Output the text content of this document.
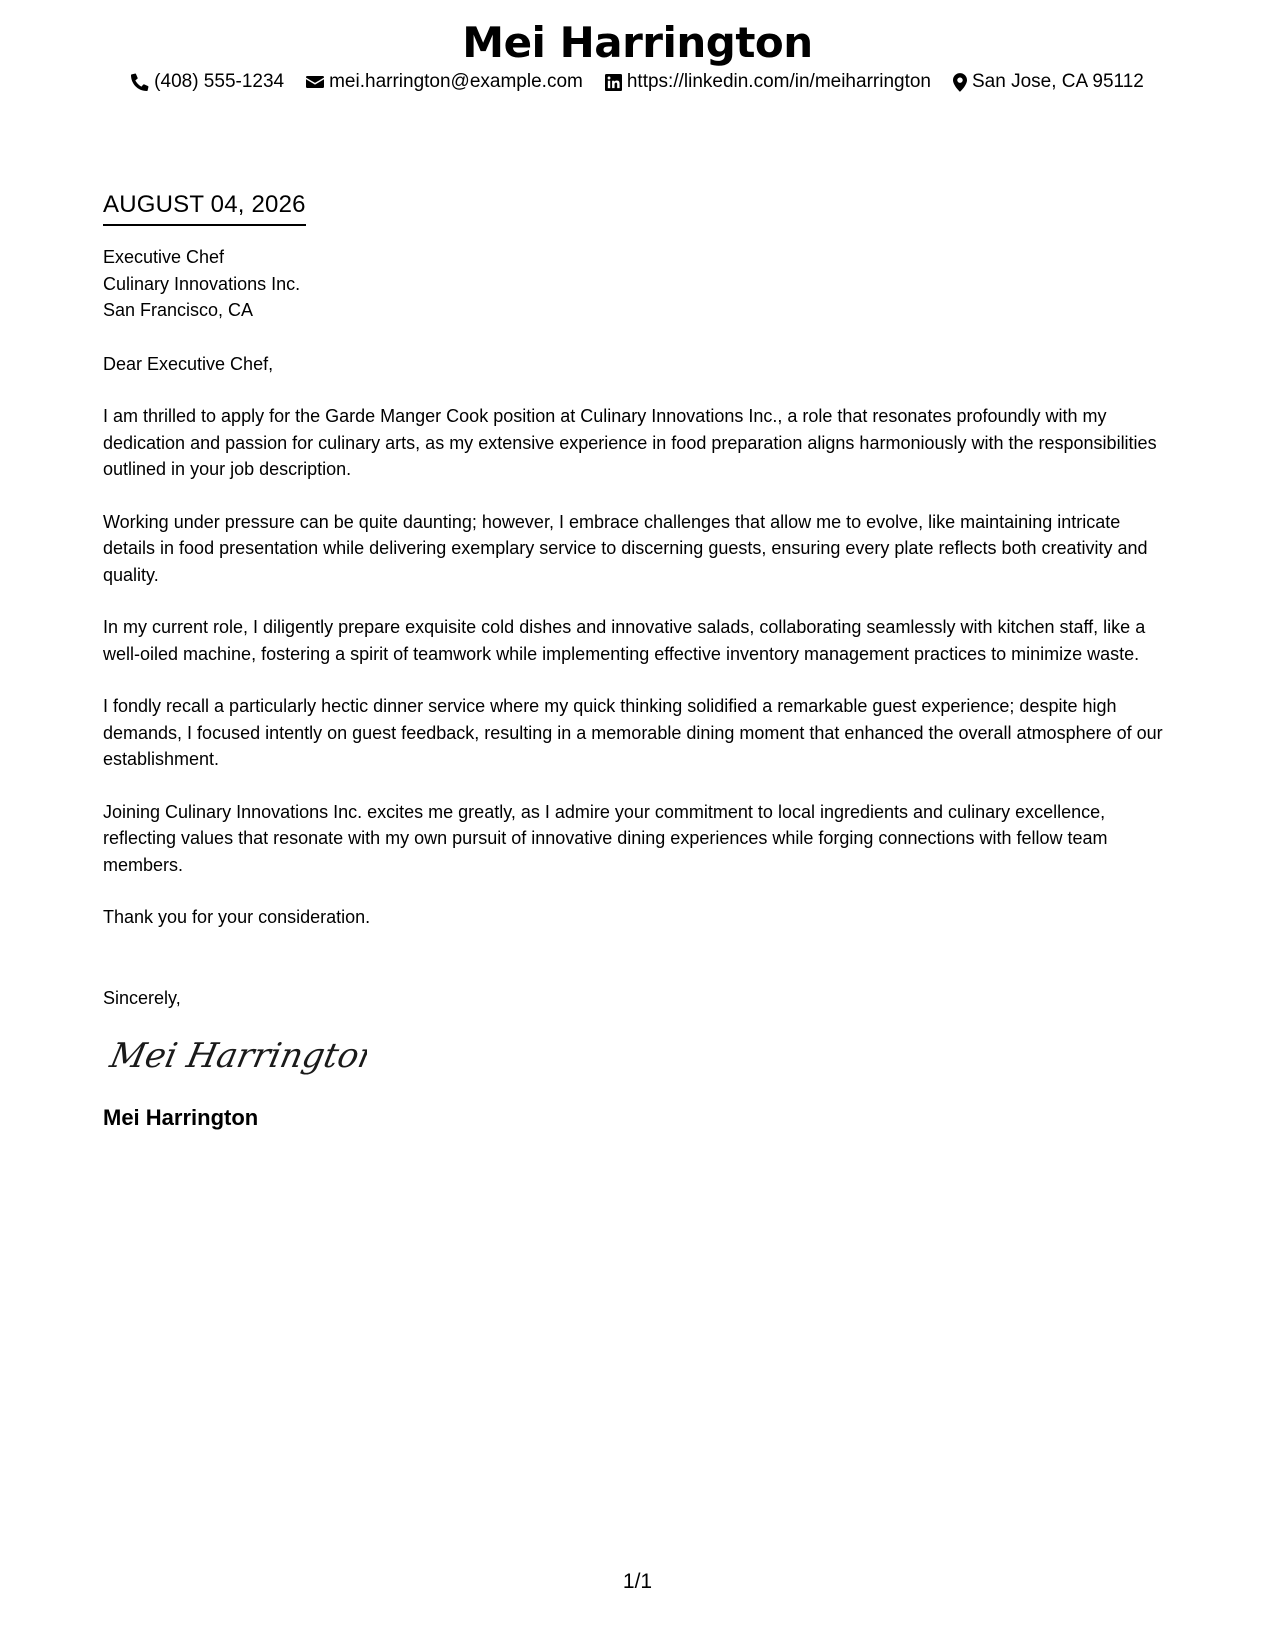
Mei Harrington
(408) 555-1234 mei.harrington@example.com https://linkedin.com/in/meiharrington San Jose, CA 95112
AUGUST 04, 2026
Executive Chef
Culinary Innovations Inc.
San Francisco, CA
Dear Executive Chef,

I am thrilled to apply for the Garde Manger Cook position at Culinary Innovations Inc., a role that resonates profoundly with my dedication and passion for culinary arts, as my extensive experience in food preparation aligns harmoniously with the responsibilities outlined in your job description.

Working under pressure can be quite daunting; however, I embrace challenges that allow me to evolve, like maintaining intricate details in food presentation while delivering exemplary service to discerning guests, ensuring every plate reflects both creativity and quality.

In my current role, I diligently prepare exquisite cold dishes and innovative salads, collaborating seamlessly with kitchen staff, like a well-oiled machine, fostering a spirit of teamwork while implementing effective inventory management practices to minimize waste.

I fondly recall a particularly hectic dinner service where my quick thinking solidified a remarkable guest experience; despite high demands, I focused intently on guest feedback, resulting in a memorable dining moment that enhanced the overall atmosphere of our establishment.

Joining Culinary Innovations Inc. excites me greatly, as I admire your commitment to local ingredients and culinary excellence, reflecting values that resonate with my own pursuit of innovative dining experiences while forging connections with fellow team members.

Thank you for your consideration.

Sincerely,
Mei Harrington
Mei Harrington
1/1
